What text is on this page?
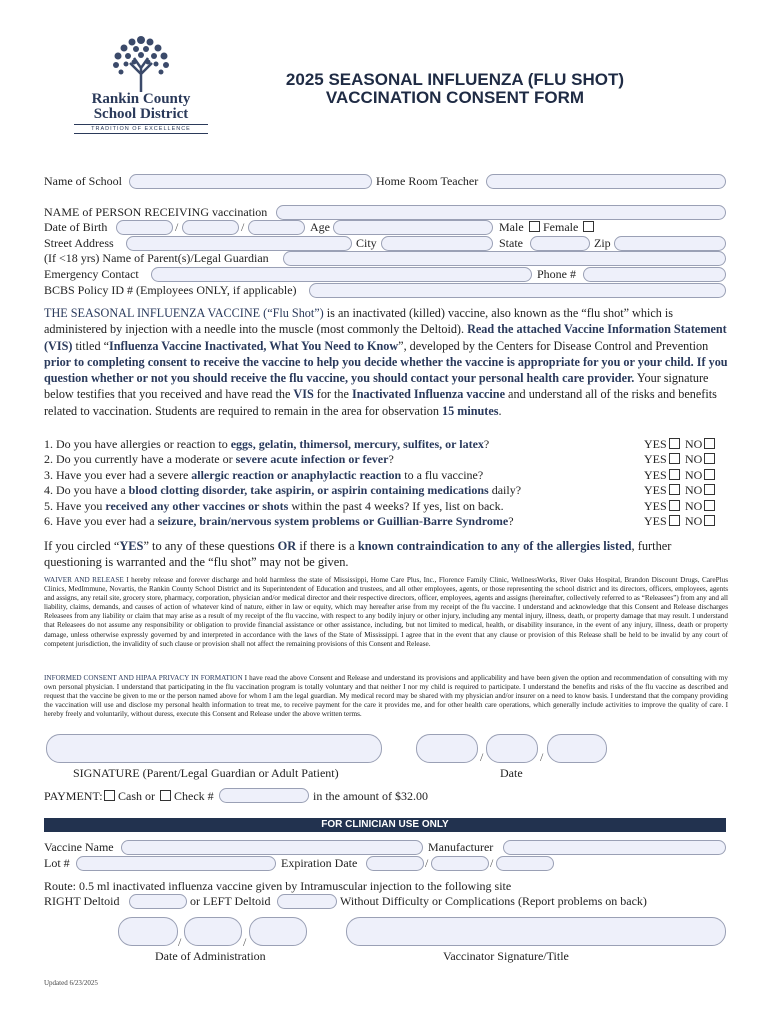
Rankin County
School District
TRADITION OF EXCELLENCE
2025 SEASONAL INFLUENZA (FLU SHOT)
VACCINATION CONSENT FORM
Name of School	Home Room Teacher
NAME of PERSON RECEIVING vaccination
Date of Birth	/	/	Age	Male	Female
Street Address	City	State	Zip
(If <18 yrs) Name of Parent(s)/Legal Guardian
Emergency Contact	Phone #
BCBS Policy ID # (Employees ONLY, if applicable)
THE SEASONAL INFLUENZA VACCINE (“Flu Shot”) is an inactivated (killed) vaccine, also known as the “flu shot” which is administered by injection with a needle into the muscle (most commonly the Deltoid). Read the attached Vaccine Information Statement (VIS) titled “Influenza Vaccine Inactivated, What You Need to Know”, developed by the Centers for Disease Control and Prevention prior to completing consent to receive the vaccine to help you decide whether the vaccine is appropriate for you or your child. If you question whether or not you should receive the flu vaccine, you should contact your personal health care provider. Your signature below testifies that you received and have read the VIS for the Inactivated Influenza vaccine and understand all of the risks and benefits related to vaccination. Students are required to remain in the area for observation 15 minutes.
1. Do you have allergies or reaction to eggs, gelatin, thimersol, mercury, sulfites, or latex?	YES	NO
2. Do you currently have a moderate or severe acute infection or fever?	YES	NO
3. Have you ever had a severe allergic reaction or anaphylactic reaction to a flu vaccine?	YES	NO
4. Do you have a blood clotting disorder, take aspirin, or aspirin containing medications daily?	YES	NO
5. Have you received any other vaccines or shots within the past 4 weeks? If yes, list on back.	YES	NO
6. Have you ever had a seizure, brain/nervous system problems or Guillian-Barre Syndrome?	YES	NO
If you circled “YES” to any of these questions OR if there is a known contraindication to any of the allergies listed, further questioning is warranted and the “flu shot” may not be given.
WAIVER AND RELEASE I hereby release and forever discharge and hold harmless the state of Mississippi, Home Care Plus, Inc., Florence Family Clinic, WellnessWorks, River Oaks Hospital, Brandon Discount Drugs, CarePlus Clinics, MedImmune, Novartis, the Rankin County School District and its Superintendent of Education and trustees, and all other employees, agents, or those representing the school district and its directors, officers, employees, agents and assigns, any retail site, grocery store, pharmacy, corporation, physician and/or medical director and their respective directors, officer, employees, agents and assigns (hereinafter, collectively referred to as “Releasees”) from any and all liability, claims, demands, and causes of action of whatever kind of nature, either in law or equity, which may hereafter arise from my receipt of the flu vaccine. I understand and acknowledge that this Consent and Release discharges Releasees from any liability or claim that may arise as a result of my receipt of the flu vaccine, with respect to any bodily injury or other injury, including any mental injury, illness, death, or property damage that may result. I understand that Releasees do not assume any responsibility or obligation to provide financial assistance or other assistance, including, but not limited to medical, health, or disability insurance, in the event of any injury, illness, death or property damage, unless otherwise expressly governed by and interpreted in accordance with the laws of the State of Mississippi. I agree that in the event that any clause or provision of this Release shall be held to be invalid by any court of competent jurisdiction, the invalidity of such clause or provision shall not affect the remaining provisions of this Consent and Release.
INFORMED CONSENT AND HIPAA PRIVACY IN FORMATION I have read the above Consent and Release and understand its provisions and applicability and have been given the option and recommendation of consulting with my own personal physician. I understand that participating in the flu vaccination program is totally voluntary and that neither I nor my child is required to participate. I understand the benefits and risks of the flu vaccine as described and request that the vaccine be given to me or the person named above for whom I am the legal guardian. My medical record may be shared with my physician and/or insurer on a need to know basis. I understand that the company providing the vaccination will use and disclose my personal health information to treat me, to receive payment for the care it provides me, and for other health care operations, which generally include activities to improve the quality of care. I hereby freely and voluntarily, without duress, execute this Consent and Release under the above written terms.
/	/
SIGNATURE (Parent/Legal Guardian or Adult Patient)	Date
PAYMENT:	Cash or	Check #	in the amount of $32.00
FOR CLINICIAN USE ONLY
Vaccine Name	Manufacturer
Lot #	Expiration Date	/	/
Route: 0.5 ml inactivated influenza vaccine given by Intramuscular injection to the following site
RIGHT Deltoid	or LEFT Deltoid	Without Difficulty or Complications (Report problems on back)
/	/
Date of Administration	Vaccinator Signature/Title
Updated 6/23/2025
